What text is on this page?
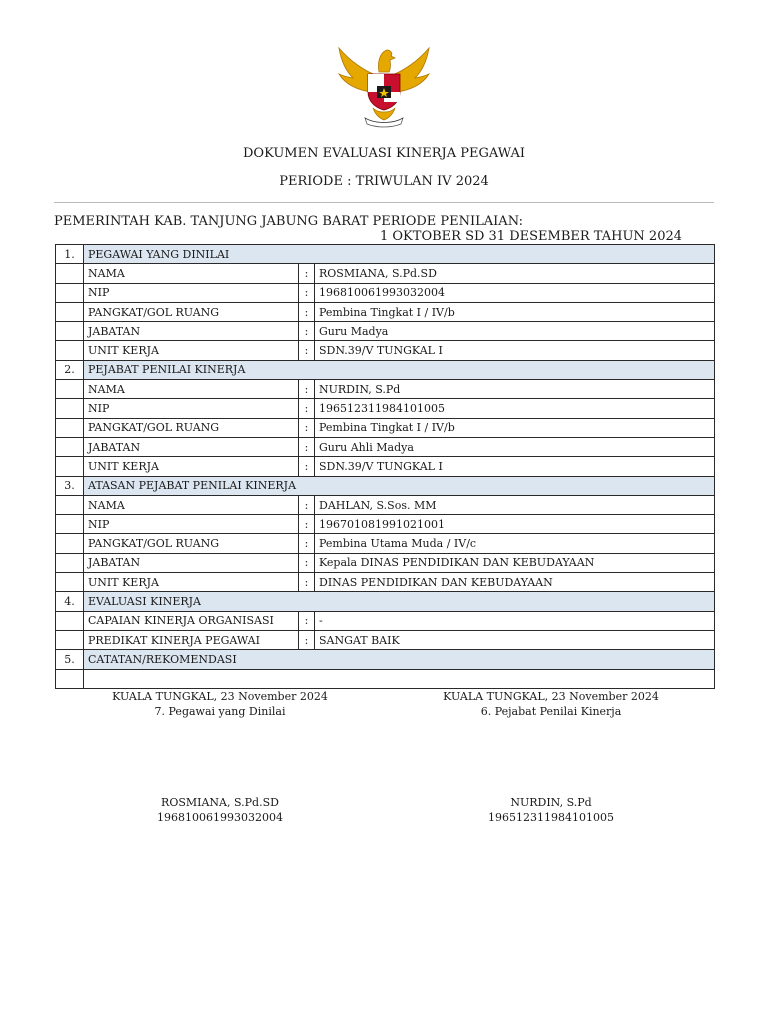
DOKUMEN EVALUASI KINERJA PEGAWAI
PERIODE : TRIWULAN IV 2024
PEMERINTAH KAB. TANJUNG JABUNG BARAT PERIODE PENILAIAN:
1 OKTOBER SD 31 DESEMBER TAHUN 2024
1.	PEGAWAI YANG DINILAI		
	NAMA	:	ROSMIANA, S.Pd.SD
	NIP	:	196810061993032004
	PANGKAT/GOL RUANG	:	Pembina Tingkat I / IV/b
	JABATAN	:	Guru Madya
	UNIT KERJA	:	SDN.39/V TUNGKAL I
2.	PEJABAT PENILAI KINERJA		
	NAMA	:	NURDIN, S.Pd
	NIP	:	196512311984101005
	PANGKAT/GOL RUANG	:	Pembina Tingkat I / IV/b
	JABATAN	:	Guru Ahli Madya
	UNIT KERJA	:	SDN.39/V TUNGKAL I
3.	ATASAN PEJABAT PENILAI KINERJA		
	NAMA	:	DAHLAN, S.Sos. MM
	NIP	:	196701081991021001
	PANGKAT/GOL RUANG	:	Pembina Utama Muda / IV/c
	JABATAN	:	Kepala DINAS PENDIDIKAN DAN KEBUDAYAAN
	UNIT KERJA	:	DINAS PENDIDIKAN DAN KEBUDAYAAN
4.	EVALUASI KINERJA		
	CAPAIAN KINERJA ORGANISASI	:	-
	PREDIKAT KINERJA PEGAWAI	:	SANGAT BAIK
5.	CATATAN/REKOMENDASI		

KUALA TUNGKAL, 23 November 2024
7. Pegawai yang Dinilai
KUALA TUNGKAL, 23 November 2024
6. Pejabat Penilai Kinerja
ROSMIANA, S.Pd.SD
196810061993032004
NURDIN, S.Pd
196512311984101005
